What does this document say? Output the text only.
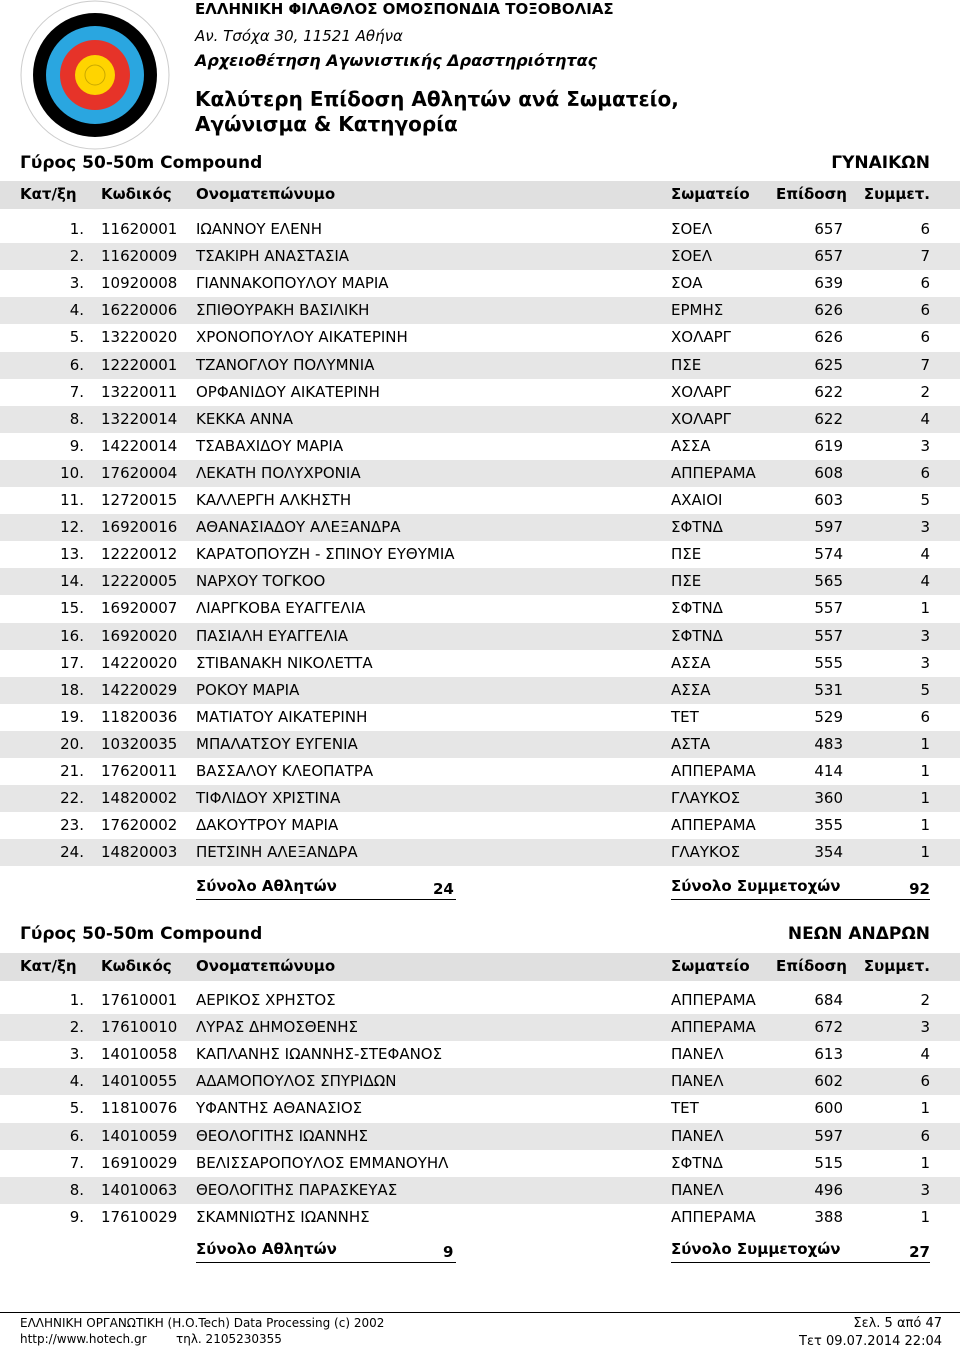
ΕΛΛΗΝΙΚΗ ΦΙΛΑΘΛΟΣ ΟΜΟΣΠΟΝΔΙΑ ΤΟΞΟΒΟΛΙΑΣ
Αν. Τσόχα 30, 11521 Αθήνα
Αρχειοθέτηση Αγωνιστικής Δραστηριότητας
Καλύτερη Επίδοση Αθλητών ανά Σωματείο,
Αγώνισμα & Κατηγορία
Γύρος 50-50m Compound	ΓΥΝΑΙΚΩΝ
Κατ/ξη Κωδικός Ονοματεπώνυμο	Σωματείο Επίδοση Συμμετ.
1. 11620001 ΙΩΑΝΝΟΥ ΕΛΕΝΗ	ΣΟΕΛ	657	6
2. 11620009 ΤΣΑΚΙΡΗ ΑΝΑΣΤΑΣΙΑ	ΣΟΕΛ	657	7
3. 10920008 ΓΙΑΝΝΑΚΟΠΟΥΛΟΥ ΜΑΡΙΑ	ΣΟΑ	639	6
4. 16220006 ΣΠΙΘΟΥΡΑΚΗ ΒΑΣΙΛΙΚΗ	ΕΡΜΗΣ	626	6
5. 13220020 ΧΡΟΝΟΠΟΥΛΟΥ ΑΙΚΑΤΕΡΙΝΗ	ΧΟΛΑΡΓ	626	6
6. 12220001 ΤΖΑΝΟΓΛΟΥ ΠΟΛΥΜΝΙΑ	ΠΣΕ	625	7
7. 13220011 ΟΡΦΑΝΙΔΟΥ ΑΙΚΑΤΕΡΙΝΗ	ΧΟΛΑΡΓ	622	2
8. 13220014 ΚΕΚΚΑ ΑΝΝΑ	ΧΟΛΑΡΓ	622	4
9. 14220014 ΤΣΑΒΑΧΙΔΟΥ ΜΑΡΙΑ	ΑΣΣΑ	619	3
10. 17620004 ΛΕΚΑΤΗ ΠΟΛΥΧΡΟΝΙΑ	ΑΠΠΕΡΑΜΑ	608	6
11. 12720015 ΚΑΛΛΕΡΓΗ ΑΛΚΗΣΤΗ	ΑΧΑΙΟΙ	603	5
12. 16920016 ΑΘΑΝΑΣΙΑΔΟΥ ΑΛΕΞΑΝΔΡΑ	ΣΦΤΝΔ	597	3
13. 12220012 ΚΑΡΑΤΟΠΟΥΖΗ - ΣΠΙΝΟΥ ΕΥΘΥΜΙΑ	ΠΣΕ	574	4
14. 12220005 ΝΑΡΧΟΥ ΤΟΓΚΟΟ	ΠΣΕ	565	4
15. 16920007 ΛΙΑΡΓΚΟΒΑ ΕΥΑΓΓΕΛΙΑ	ΣΦΤΝΔ	557	1
16. 16920020 ΠΑΣΙΑΛΗ ΕΥΑΓΓΕΛΙΑ	ΣΦΤΝΔ	557	3
17. 14220020 ΣΤΙΒΑΝΑΚΗ ΝΙΚΟΛΕΤΤΑ	ΑΣΣΑ	555	3
18. 14220029 ΡΟΚΟΥ ΜΑΡΙΑ	ΑΣΣΑ	531	5
19. 11820036 ΜΑΤΙΑΤΟΥ ΑΙΚΑΤΕΡΙΝΗ	ΤΕΤ	529	6
20. 10320035 ΜΠΑΛΑΤΣΟΥ ΕΥΓΕΝΙΑ	ΑΣΤΑ	483	1
21. 17620011 ΒΑΣΣΑΛΟΥ ΚΛΕΟΠΑΤΡΑ	ΑΠΠΕΡΑΜΑ	414	1
22. 14820002 ΤΙΦΛΙΔΟΥ ΧΡΙΣΤΙΝΑ	ΓΛΑΥΚΟΣ	360	1
23. 17620002 ΔΑΚΟΥΤΡΟΥ ΜΑΡΙΑ	ΑΠΠΕΡΑΜΑ	355	1
24. 14820003 ΠΕΤΣΙΝΗ ΑΛΕΞΑΝΔΡΑ	ΓΛΑΥΚΟΣ	354	1
Σύνολο Αθλητών	24	Σύνολο Συμμετοχών	92
Γύρος 50-50m Compound	ΝΕΩΝ ΑΝΔΡΩΝ
Κατ/ξη Κωδικός Ονοματεπώνυμο	Σωματείο Επίδοση Συμμετ.
1. 17610001 ΑΕΡΙΚΟΣ ΧΡΗΣΤΟΣ	ΑΠΠΕΡΑΜΑ	684	2
2. 17610010 ΛΥΡΑΣ ΔΗΜΟΣΘΕΝΗΣ	ΑΠΠΕΡΑΜΑ	672	3
3. 14010058 ΚΑΠΛΑΝΗΣ ΙΩΑΝΝΗΣ-ΣΤΕΦΑΝΟΣ	ΠΑΝΕΛ	613	4
4. 14010055 ΑΔΑΜΟΠΟΥΛΟΣ ΣΠΥΡΙΔΩΝ	ΠΑΝΕΛ	602	6
5. 11810076 ΥΦΑΝΤΗΣ ΑΘΑΝΑΣΙΟΣ	ΤΕΤ	600	1
6. 14010059 ΘΕΟΛΟΓΙΤΗΣ ΙΩΑΝΝΗΣ	ΠΑΝΕΛ	597	6
7. 16910029 ΒΕΛΙΣΣΑΡΟΠΟΥΛΟΣ ΕΜΜΑΝΟΥΗΛ	ΣΦΤΝΔ	515	1
8. 14010063 ΘΕΟΛΟΓΙΤΗΣ ΠΑΡΑΣΚΕΥΑΣ	ΠΑΝΕΛ	496	3
9. 17610029 ΣΚΑΜΝΙΩΤΗΣ ΙΩΑΝΝΗΣ	ΑΠΠΕΡΑΜΑ	388	1
Σύνολο Αθλητών	9	Σύνολο Συμμετοχών	27
ΕΛΛΗΝΙΚΗ ΟΡΓΑΝΩΤΙΚΗ (Η.Ο.Tech) Data Processing (c) 2002
http://www.hotech.gr τηλ. 2105230355
Σελ. 5 από 47
Τετ 09.07.2014 22:04
